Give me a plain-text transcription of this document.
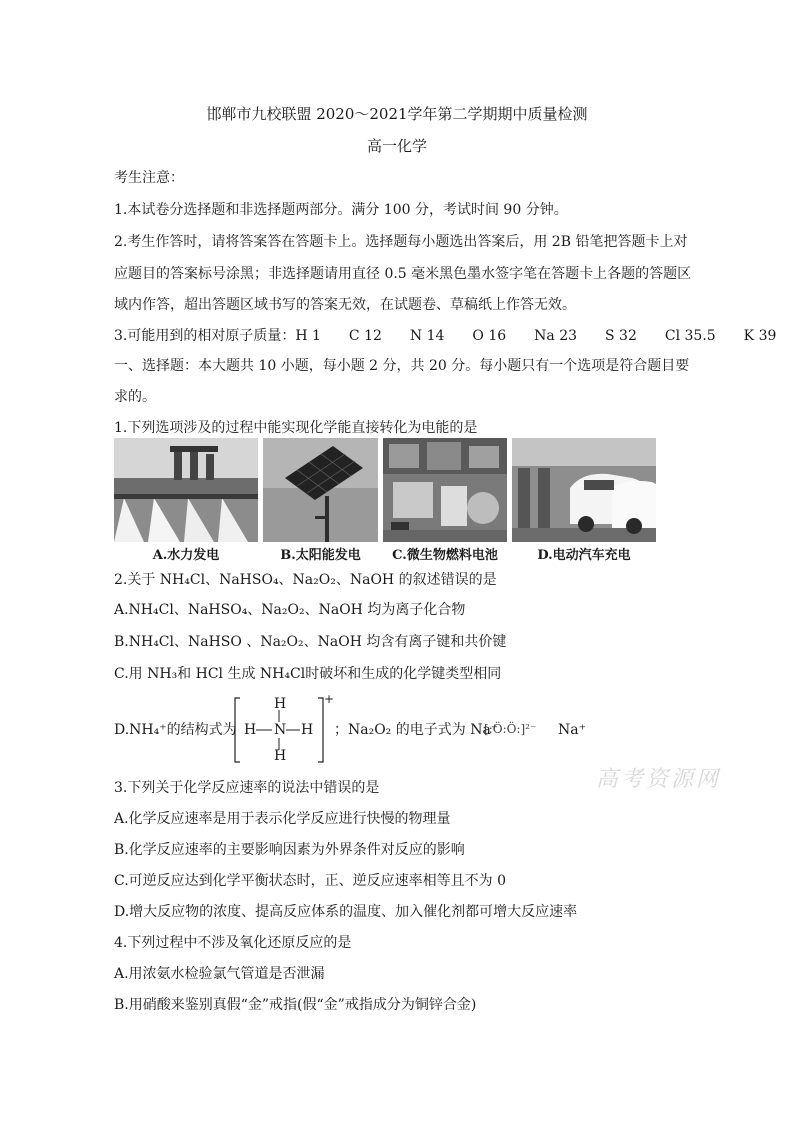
邯郸市九校联盟 2020～2021学年第二学期期中质量检测
高一化学
考生注意：
1.本试卷分选择题和非选择题两部分。满分 100 分，考试时间 90 分钟。
2.考生作答时，请将答案答在答题卡上。选择题每小题选出答案后，用 2B 铅笔把答题卡上对
应题目的答案标号涂黑；非选择题请用直径 0.5 毫米黑色墨水签字笔在答题卡上各题的答题区
域内作答，超出答题区域书写的答案无效，在试题卷、草稿纸上作答无效。
3.可能用到的相对原子质量：H 1　　C 12　　N 14　　O 16　　Na 23　　S 32　　Cl 35.5　　K 39
一、选择题：本大题共 10 小题，每小题 2 分，共 20 分。每小题只有一个选项是符合题目要
求的。
1.下列选项涉及的过程中能实现化学能直接转化为电能的是
A.水力发电	B.太阳能发电	C.微生物燃料电池	D.电动汽车充电
2.关于 NH₄Cl、NaHSO₄、Na₂O₂、NaOH 的叙述错误的是
A.NH₄Cl、NaHSO₄、Na₂O₂、NaOH 均为离子化合物
B.NH₄Cl、NaHSO 、Na₂O₂、NaOH 均含有离子键和共价键
C.用 NH₃和 HCl 生成 NH₄Cl时破坏和生成的化学键类型相同
D.NH₄⁺的结构式为
H
N
H	H
H
+
；Na₂O₂ 的电子式为 Na⁺
[:Ö:Ö:]²⁻ Na⁺
高考资源网
3.下列关于化学反应速率的说法中错误的是
A.化学反应速率是用于表示化学反应进行快慢的物理量
B.化学反应速率的主要影响因素为外界条件对反应的影响
C.可逆反应达到化学平衡状态时，正、逆反应速率相等且不为 0
D.增大反应物的浓度、提高反应体系的温度、加入催化剂都可增大反应速率
4.下列过程中不涉及氧化还原反应的是
A.用浓氨水检验氯气管道是否泄漏
B.用硝酸来鉴别真假“金”戒指(假“金”戒指成分为铜锌合金)
